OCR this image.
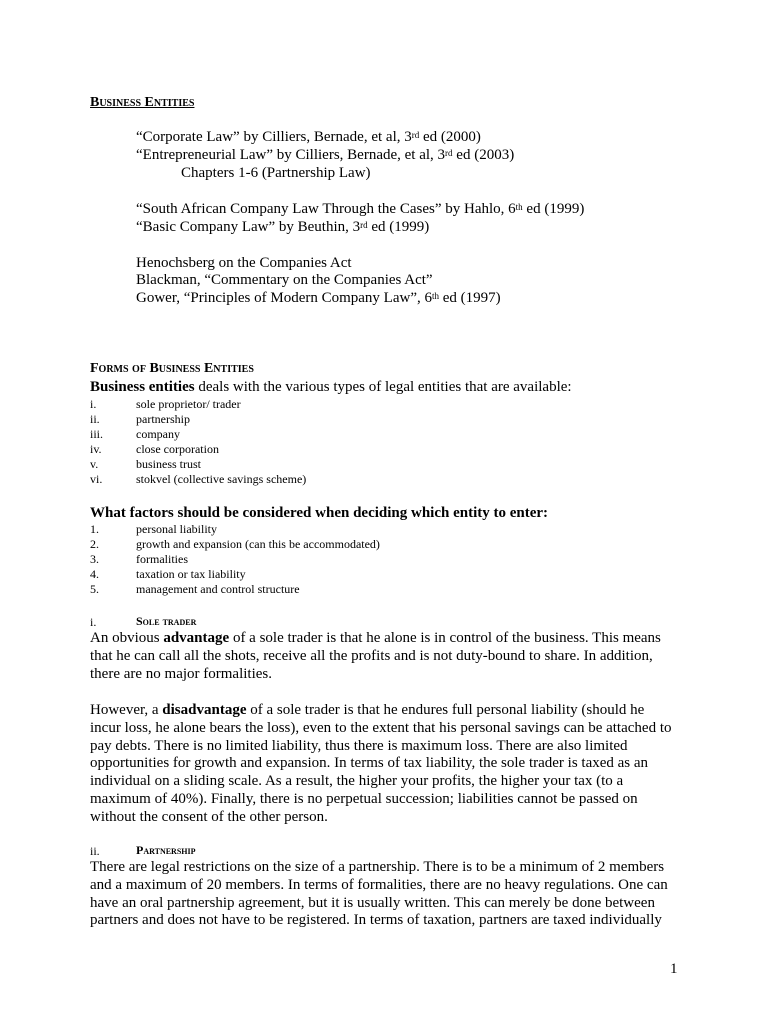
Business Entities
“Corporate Law” by Cilliers, Bernade, et al, 3rd ed (2000)
“Entrepreneurial Law” by Cilliers, Bernade, et al, 3rd ed (2003)
Chapters 1-6 (Partnership Law)
“South African Company Law Through the Cases” by Hahlo, 6th ed (1999)
“Basic Company Law” by Beuthin, 3rd ed (1999)
Henochsberg on the Companies Act
Blackman, “Commentary on the Companies Act”
Gower, “Principles of Modern Company Law”, 6th ed (1997)
Forms of Business Entities
Business entities deals with the various types of legal entities that are available:
i.	sole proprietor/ trader
ii.	partnership
iii.	company
iv.	close corporation
v.	business trust
vi.	stokvel (collective savings scheme)
What factors should be considered when deciding which entity to enter:
1.	personal liability
2.	growth and expansion (can this be accommodated)
3.	formalities
4.	taxation or tax liability
5.	management and control structure
i.	Sole trader

An obvious advantage of a sole trader is that he alone is in control of the business. This means

that he can call all the shots, receive all the profits and is not duty-bound to share. In addition,

there are no major formalities.

However, a disadvantage of a sole trader is that he endures full personal liability (should he

incur loss, he alone bears the loss), even to the extent that his personal savings can be attached to

pay debts. There is no limited liability, thus there is maximum loss. There are also limited

opportunities for growth and expansion. In terms of tax liability, the sole trader is taxed as an

individual on a sliding scale. As a result, the higher your profits, the higher your tax (to a

maximum of 40%). Finally, there is no perpetual succession; liabilities cannot be passed on

without the consent of the other person.

ii.	Partnership

There are legal restrictions on the size of a partnership. There is to be a minimum of 2 members

and a maximum of 20 members. In terms of formalities, there are no heavy regulations. One can

have an oral partnership agreement, but it is usually written. This can merely be done between

partners and does not have to be registered. In terms of taxation, partners are taxed individually

1
